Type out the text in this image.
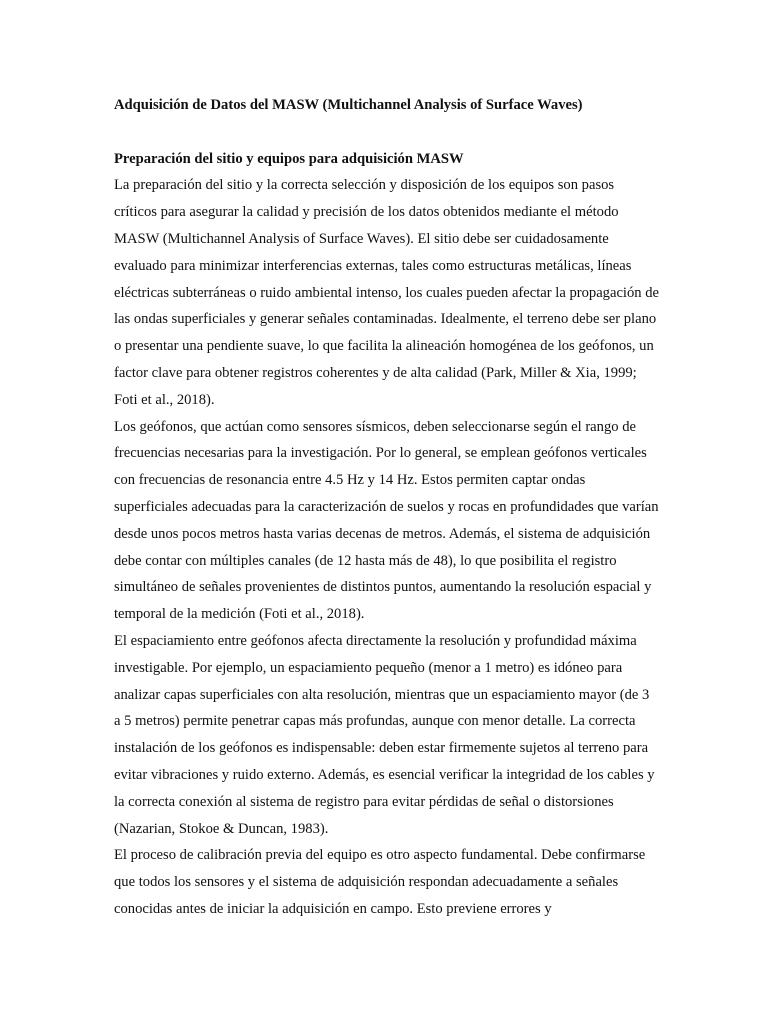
Adquisición de Datos del MASW (Multichannel Analysis of Surface Waves)

Preparación del sitio y equipos para adquisición MASW

La preparación del sitio y la correcta selección y disposición de los equipos son pasos críticos para asegurar la calidad y precisión de los datos obtenidos mediante el método MASW (Multichannel Analysis of Surface Waves). El sitio debe ser cuidadosamente evaluado para minimizar interferencias externas, tales como estructuras metálicas, líneas eléctricas subterráneas o ruido ambiental intenso, los cuales pueden afectar la propagación de las ondas superficiales y generar señales contaminadas. Idealmente, el terreno debe ser plano o presentar una pendiente suave, lo que facilita la alineación homogénea de los geófonos, un factor clave para obtener registros coherentes y de alta calidad (Park, Miller & Xia, 1999; Foti et al., 2018).

Los geófonos, que actúan como sensores sísmicos, deben seleccionarse según el rango de frecuencias necesarias para la investigación. Por lo general, se emplean geófonos verticales con frecuencias de resonancia entre 4.5 Hz y 14 Hz. Estos permiten captar ondas superficiales adecuadas para la caracterización de suelos y rocas en profundidades que varían desde unos pocos metros hasta varias decenas de metros. Además, el sistema de adquisición debe contar con múltiples canales (de 12 hasta más de 48), lo que posibilita el registro simultáneo de señales provenientes de distintos puntos, aumentando la resolución espacial y temporal de la medición (Foti et al., 2018).

El espaciamiento entre geófonos afecta directamente la resolución y profundidad máxima investigable. Por ejemplo, un espaciamiento pequeño (menor a 1 metro) es idóneo para analizar capas superficiales con alta resolución, mientras que un espaciamiento mayor (de 3 a 5 metros) permite penetrar capas más profundas, aunque con menor detalle. La correcta instalación de los geófonos es indispensable: deben estar firmemente sujetos al terreno para evitar vibraciones y ruido externo. Además, es esencial verificar la integridad de los cables y la correcta conexión al sistema de registro para evitar pérdidas de señal o distorsiones (Nazarian, Stokoe & Duncan, 1983).

El proceso de calibración previa del equipo es otro aspecto fundamental. Debe confirmarse que todos los sensores y el sistema de adquisición respondan adecuadamente a señales conocidas antes de iniciar la adquisición en campo. Esto previene errores y
